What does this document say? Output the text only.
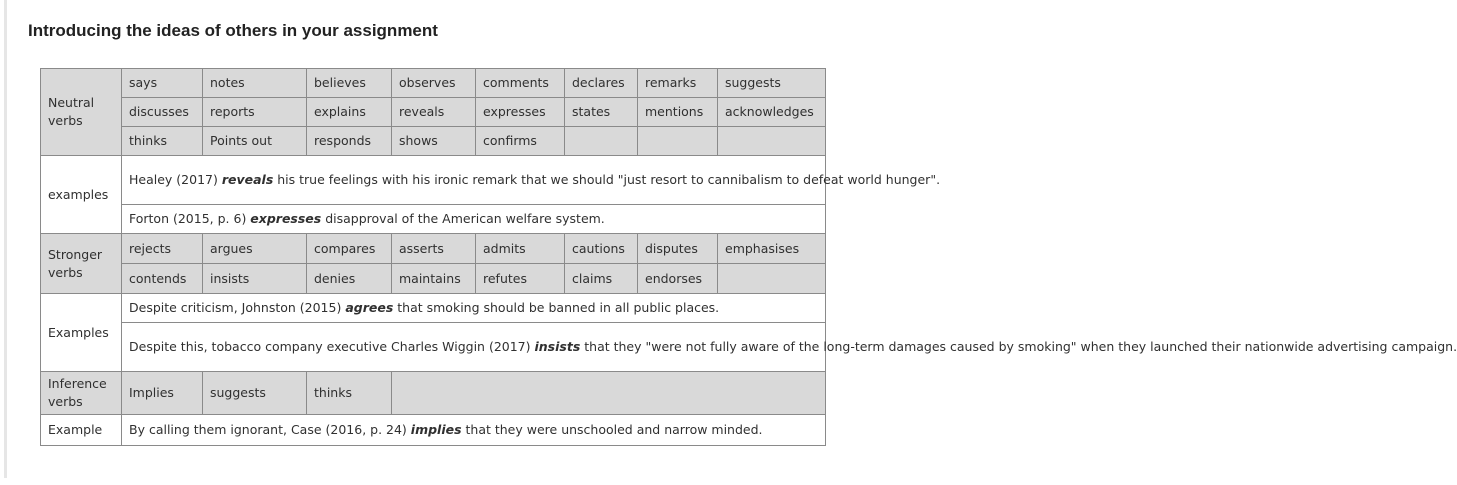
Introducing the ideas of others in your assignment
Neutral
verbs	says	notes	believes	observes	comments	declares	remarks	suggests
	discusses	reports	explains	reveals	expresses	states	mentions	acknowledges
	thinks	Points out	responds	shows	confirms			
examples	Healey (2017) reveals his true feelings with his ironic remark that we should "just resort to cannibalism to defeat world hunger".							
	Forton (2015, p. 6) expresses disapproval of the American welfare system.							
Stronger
verbs	rejects	argues	compares	asserts	admits	cautions	disputes	emphasises
	contends	insists	denies	maintains	refutes	claims	endorses	
Examples	Despite criticism, Johnston (2015) agrees that smoking should be banned in all public places.							
	Despite this, tobacco company executive Charles Wiggin (2017) insists that they "were not fully aware of the long-term damages caused by smoking" when they launched their nationwide advertising campaign.							
Inference
verbs	Implies	suggests	thinks					
Example	By calling them ignorant, Case (2016, p. 24) implies that they were unschooled and narrow minded.							
